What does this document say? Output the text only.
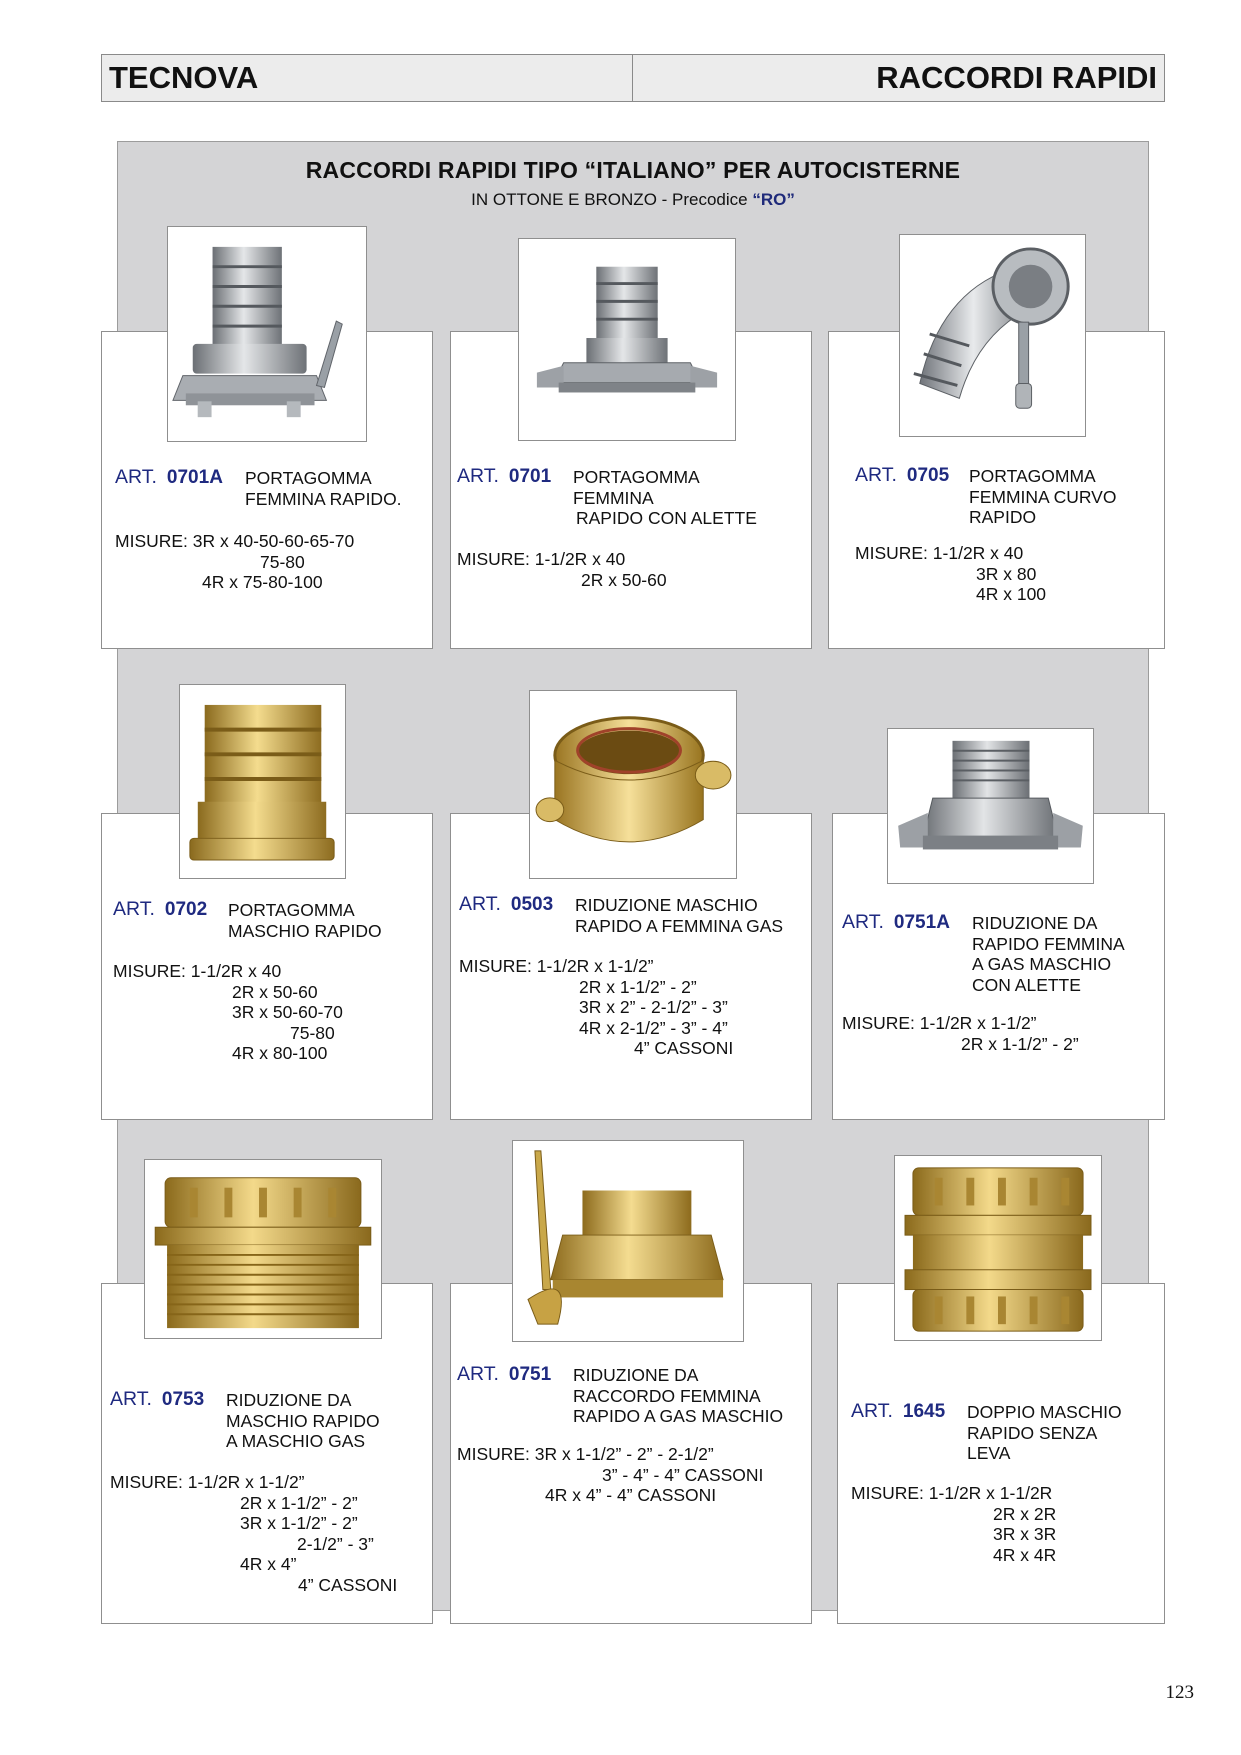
TECNOVA	RACCORDI RAPIDI
RACCORDI RAPIDI TIPO “ITALIANO” PER AUTOCISTERNE
IN OTTONE E BRONZO - Precodice “RO”
ART. 0701A PORTAGOMMA
FEMMINA RAPIDO.
MISURE: 3R x 40-50-60-65-70
75-80
4R x 75-80-100
ART. 0701 PORTAGOMMA
FEMMINA
RAPIDO CON ALETTE
MISURE: 1-1/2R x 40
2R x 50-60
ART. 0705 PORTAGOMMA
FEMMINA CURVO
RAPIDO
MISURE: 1-1/2R x 40
3R x 80
4R x 100
ART. 0702 PORTAGOMMA
MASCHIO RAPIDO
MISURE: 1-1/2R x 40
2R x 50-60
3R x 50-60-70
75-80
4R x 80-100
ART. 0503 RIDUZIONE MASCHIO
RAPIDO A FEMMINA GAS
MISURE: 1-1/2R x 1-1/2”
2R x 1-1/2” - 2”
3R x 2” - 2-1/2” - 3”
4R x 2-1/2” - 3” - 4”
4” CASSONI
ART. 0751A RIDUZIONE DA
RAPIDO FEMMINA
A GAS MASCHIO
CON ALETTE
MISURE: 1-1/2R x 1-1/2”
2R x 1-1/2” - 2”
ART. 0753 RIDUZIONE DA
MASCHIO RAPIDO
A MASCHIO GAS
MISURE: 1-1/2R x 1-1/2”
2R x 1-1/2” - 2”
3R x 1-1/2” - 2”
2-1/2” - 3”
4R x 4”
4” CASSONI
ART. 0751 RIDUZIONE DA
RACCORDO FEMMINA
RAPIDO A GAS MASCHIO
MISURE: 3R x 1-1/2” - 2” - 2-1/2”
3” - 4” - 4” CASSONI
4R x 4” - 4” CASSONI
ART. 1645 DOPPIO MASCHIO
RAPIDO SENZA
LEVA
MISURE: 1-1/2R x 1-1/2R
2R x 2R
3R x 3R
4R x 4R
123
